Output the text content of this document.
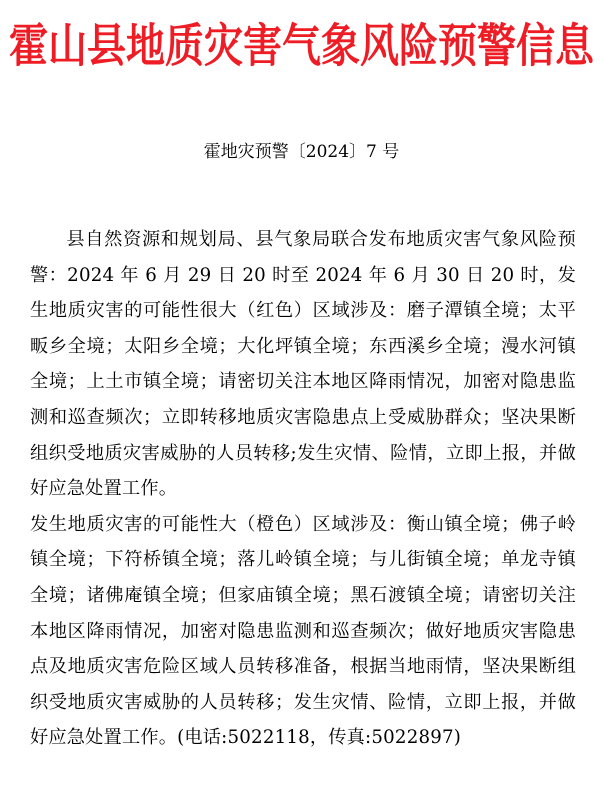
霍山县地质灾害气象风险预警信息
霍地灾预警〔2024〕7 号

县自然资源和规划局、县气象局联合发布地质灾害气象风险预警：2024 年 6 月 29 日 20 时至 2024 年 6 月 30 日 20 时，发生地质灾害的可能性很大（红色）区域涉及：磨子潭镇全境；太平畈乡全境；太阳乡全境；大化坪镇全境；东西溪乡全境；漫水河镇全境；上土市镇全境；请密切关注本地区降雨情况，加密对隐患监测和巡查频次；立即转移地质灾害隐患点上受威胁群众；坚决果断组织受地质灾害威胁的人员转移;发生灾情、险情，立即上报，并做好应急处置工作。

发生地质灾害的可能性大（橙色）区域涉及：衡山镇全境；佛子岭镇全境；下符桥镇全境；落儿岭镇全境；与儿街镇全境；单龙寺镇全境；诸佛庵镇全境；但家庙镇全境；黑石渡镇全境；请密切关注本地区降雨情况，加密对隐患监测和巡查频次；做好地质灾害隐患点及地质灾害危险区域人员转移准备，根据当地雨情，坚决果断组织受地质灾害威胁的人员转移；发生灾情、险情，立即上报，并做好应急处置工作。(电话:5022118，传真:5022897)
